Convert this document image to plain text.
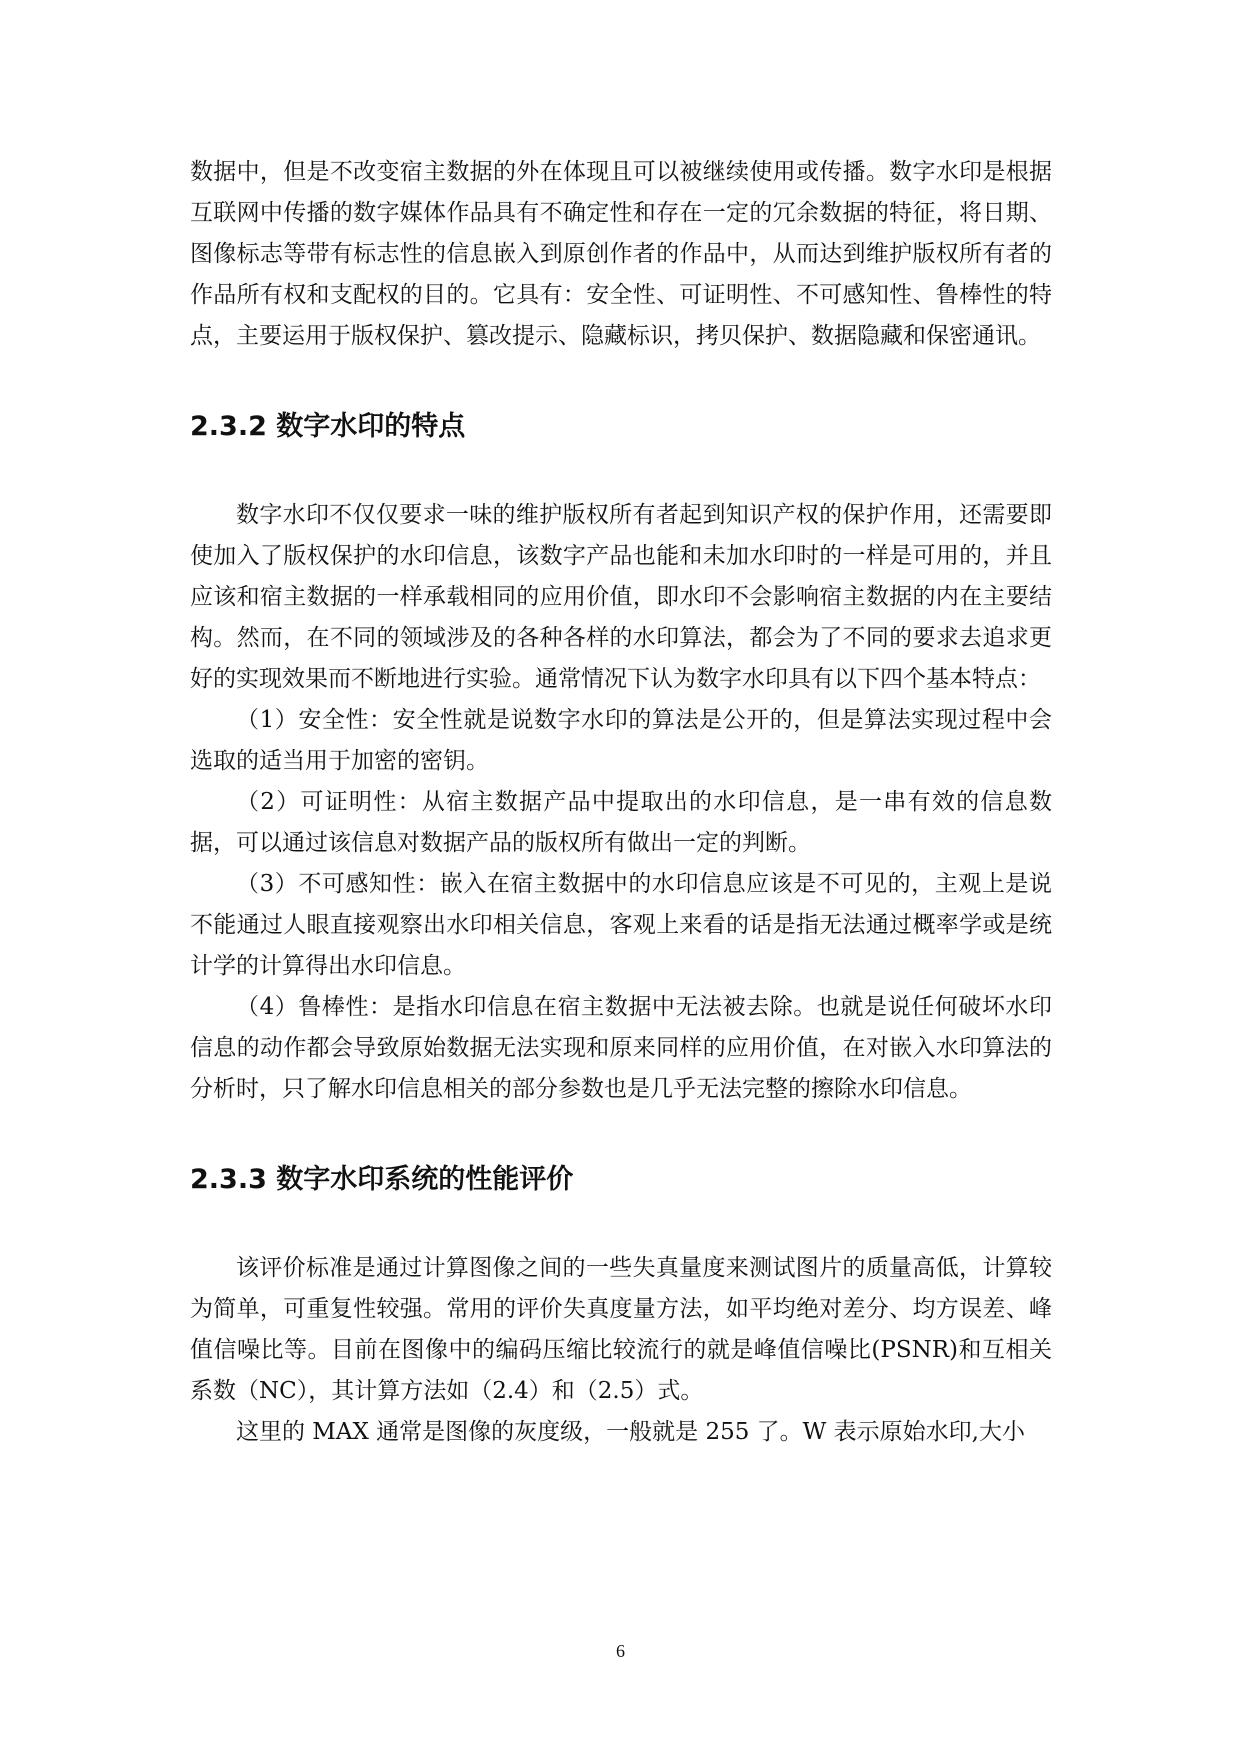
数据中，但是不改变宿主数据的外在体现且可以被继续使用或传播。数字水印是根据互联网中传播的数字媒体作品具有不确定性和存在一定的冗余数据的特征，将日期、图像标志等带有标志性的信息嵌入到原创作者的作品中，从而达到维护版权所有者的作品所有权和支配权的目的。它具有：安全性、可证明性、不可感知性、鲁棒性的特点，主要运用于版权保护、篡改提示、隐藏标识，拷贝保护、数据隐藏和保密通讯。

2.3.2 数字水印的特点

数字水印不仅仅要求一味的维护版权所有者起到知识产权的保护作用，还需要即使加入了版权保护的水印信息，该数字产品也能和未加水印时的一样是可用的，并且应该和宿主数据的一样承载相同的应用价值，即水印不会影响宿主数据的内在主要结构。然而，在不同的领域涉及的各种各样的水印算法，都会为了不同的要求去追求更好的实现效果而不断地进行实验。通常情况下认为数字水印具有以下四个基本特点：

（1）安全性：安全性就是说数字水印的算法是公开的，但是算法实现过程中会选取的适当用于加密的密钥。

（2）可证明性：从宿主数据产品中提取出的水印信息，是一串有效的信息数据，可以通过该信息对数据产品的版权所有做出一定的判断。

（3）不可感知性：嵌入在宿主数据中的水印信息应该是不可见的，主观上是说不能通过人眼直接观察出水印相关信息，客观上来看的话是指无法通过概率学或是统计学的计算得出水印信息。

（4）鲁棒性：是指水印信息在宿主数据中无法被去除。也就是说任何破坏水印信息的动作都会导致原始数据无法实现和原来同样的应用价值，在对嵌入水印算法的分析时，只了解水印信息相关的部分参数也是几乎无法完整的擦除水印信息。

2.3.3 数字水印系统的性能评价

该评价标准是通过计算图像之间的一些失真量度来测试图片的质量高低，计算较为简单，可重复性较强。常用的评价失真度量方法，如平均绝对差分、均方误差、峰值信噪比等。目前在图像中的编码压缩比较流行的就是峰值信噪比(PSNR)和互相关系数（NC），其计算方法如（2.4）和（2.5）式。

这里的 MAX 通常是图像的灰度级，一般就是 255 了。W 表示原始水印,大小

6
